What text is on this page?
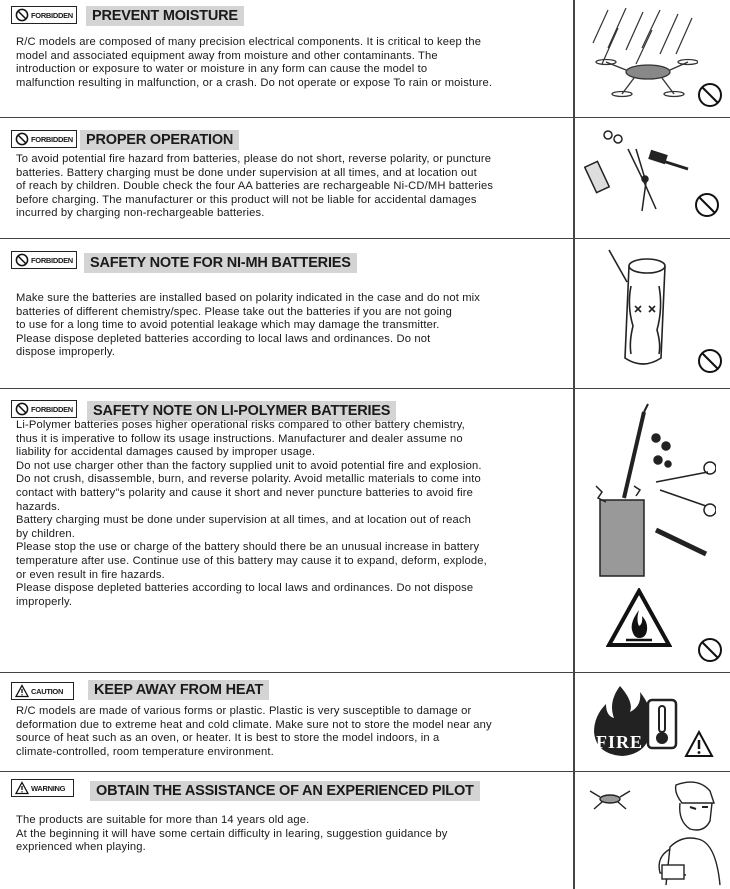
FORBIDDEN	PREVENT MOISTURE

R/C models are composed of many precision electrical components. It is critical to keep the

model and associated equipment away from moisture and other contaminants. The

introduction or exposure to water or moisture in any form can cause the model to

malfunction resulting in malfunction, or a crash. Do not operate or expose To rain or moisture.

FORBIDDEN PROPER OPERATION

To avoid potential fire hazard from batteries, please do not short, reverse polarity, or puncture

batteries. Battery charging must be done under supervision at all times, and at location out

of reach by children. Double check the four AA batteries are rechargeable Ni-CD/MH batteries

before charging. The manufacturer or this product will not be liable for accidental damages

incurred by charging non-rechargeable batteries.

FORBIDDEN	SAFETY NOTE FOR NI-MH BATTERIES

Make sure the batteries are installed based on polarity indicated in the case and do not mix

batteries of different chemistry/spec. Please take out the batteries if you are not going

to use for a long time to avoid potential leakage which may damage the transmitter.

Please dispose depleted batteries according to local laws and ordinances. Do not

dispose improperly.

FORBIDDEN	SAFETY NOTE ON LI-POLYMER BATTERIES

Li-Polymer batteries poses higher operational risks compared to other battery chemistry,

thus it is imperative to follow its usage instructions. Manufacturer and dealer assume no

liability for accidental damages caused by improper usage.

Do not use charger other than the factory supplied unit to avoid potential fire and explosion.

Do not crush, disassemble, burn, and reverse polarity. Avoid metallic materials to come into

contact with battery"s polarity and cause it short and never puncture batteries to avoid fire

hazards.

Battery charging must be done under supervision at all times, and at location out of reach

by children.

Please stop the use or charge of the battery should there be an unusual increase in battery

temperature after use. Continue use of this battery may cause it to expand, deform, explode,

or even result in fire hazards.

Please dispose depleted batteries according to local laws and ordinances. Do not dispose

improperly.

CAUTION	KEEP AWAY FROM HEAT

R/C models are made of various forms or plastic. Plastic is very susceptible to damage or

deformation due to extreme heat and cold climate. Make sure not to store the model near any

source of heat such as an oven, or heater. It is best to store the model indoors, in a

climate-controlled, room temperature environment.	FIRE
WARNING	OBTAIN THE ASSISTANCE OF AN EXPERIENCED PILOT

The products are suitable for more than 14 years old age.

At the beginning it will have some certain difficulty in learing, suggestion guidance by

exprienced when playing.
